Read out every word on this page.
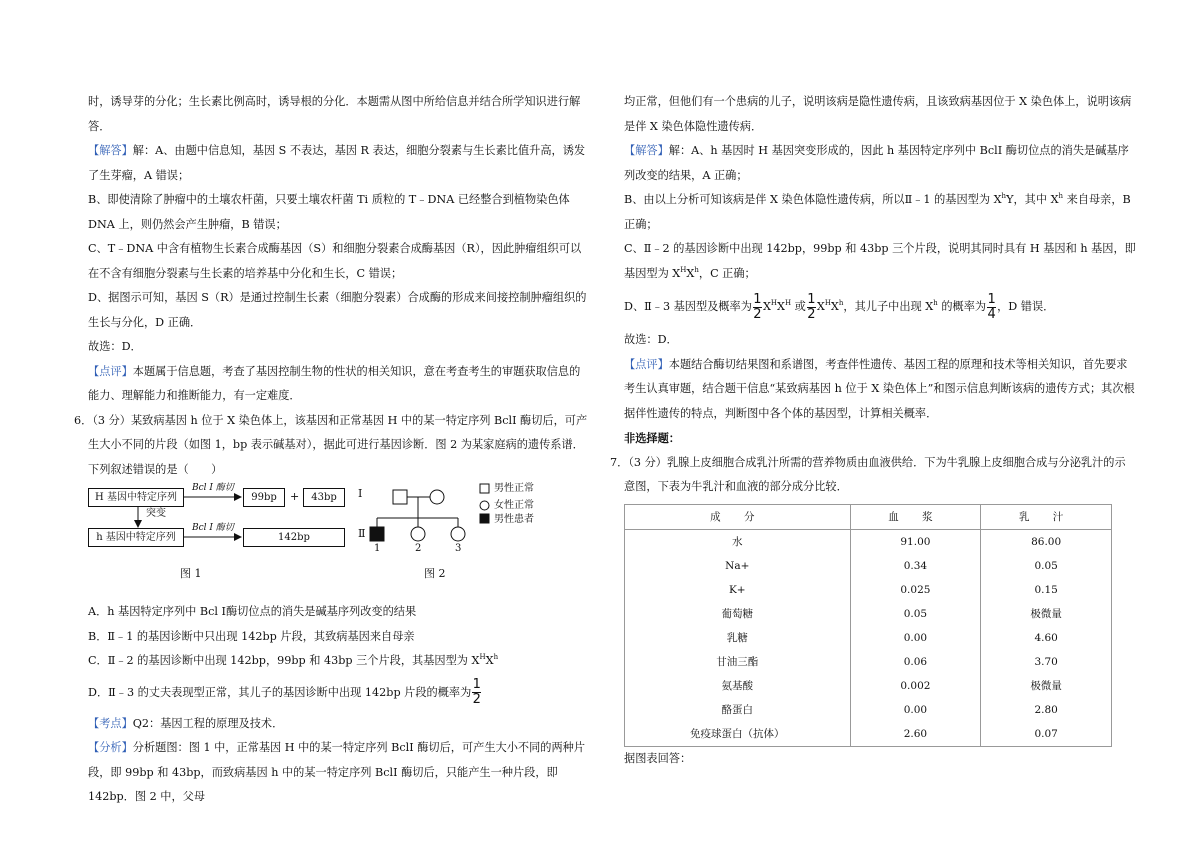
时，诱导芽的分化；生长素比例高时，诱导根的分化．本题需从图中所给信息并结合所学知识进行解答．

【解答】解：A、由题中信息知，基因 S 不表达，基因 R 表达，细胞分裂素与生长素比值升高，诱发了生芽瘤，A 错误；

B、即使清除了肿瘤中的土壤农杆菌，只要土壤农杆菌 Ti 质粒的 T﹣DNA 已经整合到植物染色体 DNA 上，则仍然会产生肿瘤，B 错误；

C、T﹣DNA 中含有植物生长素合成酶基因（S）和细胞分裂素合成酶基因（R），因此肿瘤组织可以在不含有细胞分裂素与生长素的培养基中分化和生长，C 错误；

D、据图示可知，基因 S（R）是通过控制生长素（细胞分裂素）合成酶的形成来间接控制肿瘤组织的生长与分化，D 正确．

故选：D．

【点评】本题属于信息题，考查了基因控制生物的性状的相关知识，意在考查考生的审题获取信息的能力、理解能力和推断能力，有一定难度．

6．（3 分）某致病基因 h 位于 X 染色体上，该基因和正常基因 H 中的某一特定序列 BclI 酶切后，可产生大小不同的片段（如图 1，bp 表示碱基对），据此可进行基因诊断．图 2 为某家庭病的遗传系谱．下列叙述错误的是（　　）

H 基因中特定序列
Bcl I 酶切
99bp	+	43bp
突变
h 基因中特定序列
Bcl I 酶切
142bp
图 1
Ⅰ
Ⅱ
1	2	3
男性正常
女性正常
男性患者
图 2

A．h 基因特定序列中 Bcl Ⅰ酶切位点的消失是碱基序列改变的结果

B．Ⅱ﹣1 的基因诊断中只出现 142bp 片段，其致病基因来自母亲

C．Ⅱ﹣2 的基因诊断中出现 142bp，99bp 和 43bp 三个片段，其基因型为 $X^HX^h$

D．Ⅱ﹣3 的丈夫表现型正常，其儿子的基因诊断中出现 142bp 片段的概率为 $\frac{1}{2}$

【考点】Q2：基因工程的原理及技术．

【分析】分析题图：图 1 中，正常基因 H 中的某一特定序列 BclI 酶切后，可产生大小不同的两种片段，即 99bp 和 43bp，而致病基因 h 中的某一特定序列 BclI 酶切后，只能产生一种片段，即 142bp．图 2 中，父母

均正常，但他们有一个患病的儿子，说明该病是隐性遗传病，且该致病基因位于 X 染色体上，说明该病是伴 X 染色体隐性遗传病．

【解答】解：A、h 基因时 H 基因突变形成的，因此 h 基因特定序列中 BclI 酶切位点的消失是碱基序列改变的结果，A 正确；

B、由以上分析可知该病是伴 X 染色体隐性遗传病，所以Ⅱ﹣1 的基因型为 $X^hY$，其中 $X^h$ 来自母亲，B 正确；

C、Ⅱ﹣2 的基因诊断中出现 142bp，99bp 和 43bp 三个片段，说明其同时具有 H 基因和 h 基因，即基因型为 $X^HX^h$，C 正确；

D、Ⅱ﹣3 基因型及概率为 $\frac{1}{2} X^HX^H$ 或 $\frac{1}{2} X^HX^h$，其儿子中出现 $X^h$ 的概率为 $\frac{1}{4}$ ，D 错误．

故选：D．

【点评】本题结合酶切结果图和系谱图，考查伴性遗传、基因工程的原理和技术等相关知识，首先要求考生认真审题，结合题干信息“某致病基因 h 位于 X 染色体上”和图示信息判断该病的遗传方式；其次根据伴性遗传的特点，判断图中各个体的基因型，计算相关概率．

非选择题：

7．（3 分）乳腺上皮细胞合成乳汁所需的营养物质由血液供给．下为牛乳腺上皮细胞合成与分泌乳汁的示意图，下表为牛乳汁和血液的部分成分比较．

成 分	血 浆	乳 汁
水	91.00	86.00
Na+	0.34	0.05
K+	0.025	0.15
葡萄糖	0.05	极微量
乳糖	0.00	4.60
甘油三酯	0.06	3.70
氨基酸	0.002	极微量
酪蛋白	0.00	2.80
免疫球蛋白（抗体）	2.60	0.07

据图表回答：
